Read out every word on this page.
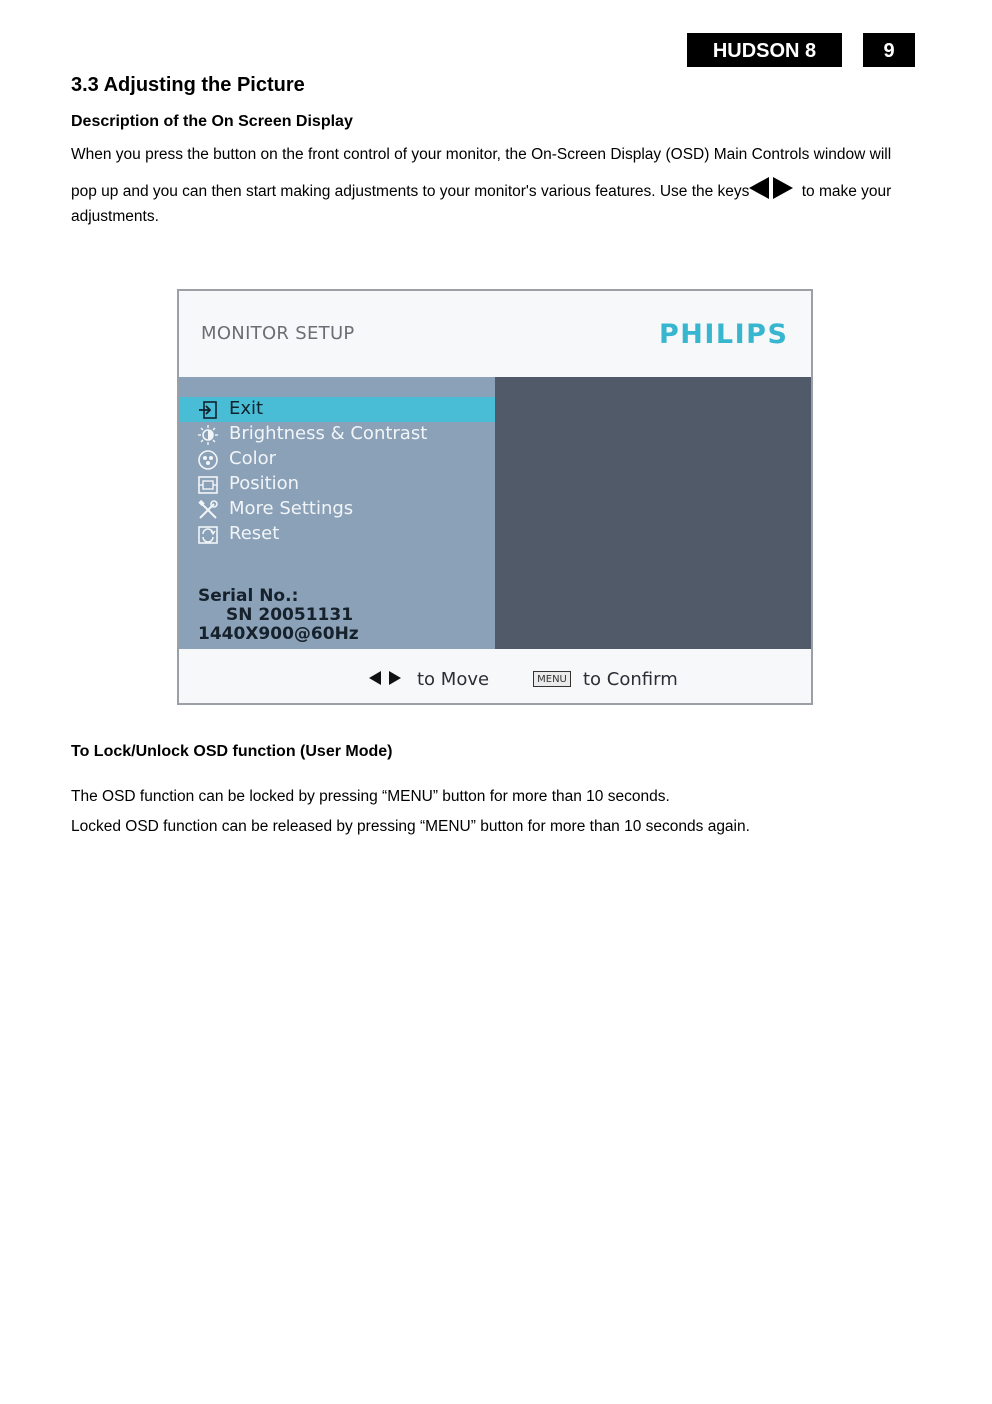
HUDSON 8	9
3.3 Adjusting the Picture
Description of the On Screen Display
When you press the button on the front control of your monitor, the On-Screen Display (OSD) Main Controls window will
pop up and you can then start making adjustments to your monitor's various features. Use the keys	to make your
adjustments.
MONITOR SETUP	PHILIPS
Exit
Brightness & Contrast
Color
Position
More Settings
Reset
Serial No.:
SN 20051131
1440X900@60Hz
to Move	MENU to Confirm
To Lock/Unlock OSD function (User Mode)
The OSD function can be locked by pressing “MENU” button for more than 10 seconds.
Locked OSD function can be released by pressing “MENU” button for more than 10 seconds again.
